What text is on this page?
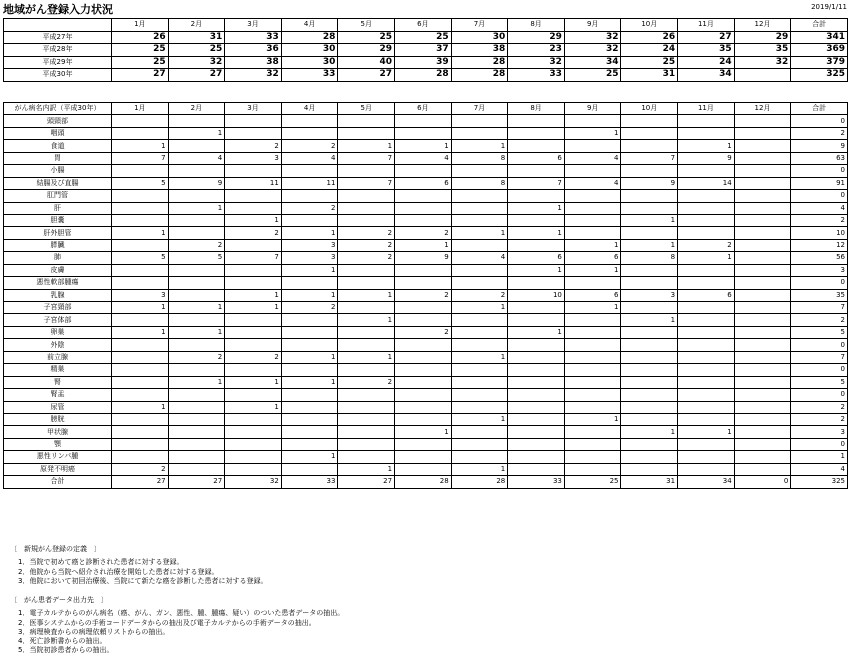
地域がん登録入力状況	2019/1/11
	1月	2月	3月	4月	5月	6月	7月	8月	9月	10月	11月	12月	合計
平成27年	26	31	33	28	25	25	30	29	32	26	27	29	341
平成28年	25	25	36	30	29	37	38	23	32	24	35	35	369
平成29年	25	32	38	30	40	39	28	32	34	25	24	32	379
平成30年	27	27	32	33	27	28	28	33	25	31	34		325
がん病名内訳（平成30年）	1月	2月	3月	4月	5月	6月	7月	8月	9月	10月	11月	12月	合計
頭頸部													0
咽頭		1							1				2
食道	1		2	2	1	1	1				1		9
胃	7	4	3	4	7	4	8	6	4	7	9		63
小腸													0
結腸及び直腸	5	9	11	11	7	6	8	7	4	9	14		91
肛門管													0
肝		1		2				1					4
胆嚢			1							1			2
肝外胆管	1		2	1	2	2	1	1					10
膵臓		2		3	2	1			1	1	2		12
肺	5	5	7	3	2	9	4	6	6	8	1		56
皮膚				1				1	1				3
悪性軟部腫瘍													0
乳腺	3		1	1	1	2	2	10	6	3	6		35
子宮頸部	1	1	1	2			1		1				7
子宮体部					1					1			2
卵巣	1	1				2		1					5
外陰													0
前立腺		2	2	1	1		1						7
精巣													0
腎		1	1	1	2								5
腎盂													0
尿管	1		1										2
膀胱							1		1				2
甲状腺						1				1	1		3
顎													0
悪性リンパ腫				1									1
原発不明癌	2				1		1						4
合計	27	27	32	33	27	28	28	33	25	31	34	0	325
〔　新規がん登録の定義　〕
1．当院で初めて癌と診断された患者に対する登録。
2．他院から当院へ紹介され治療を開始した患者に対する登録。
3．他院において初回治療後、当院にて新たな癌を診断した患者に対する登録。
〔　がん患者データ出力先　〕
1．電子カルテからのがん病名（癌、がん、ガン、悪性、腫、腫瘍、疑い）のついた患者データの抽出。
2．医事システムからの手術コードデータからの抽出及び電子カルテからの手術データの抽出。
3．病理検査からの病理依頼リストからの抽出。
4．死亡診断書からの抽出。
5．当院初診患者からの抽出。
